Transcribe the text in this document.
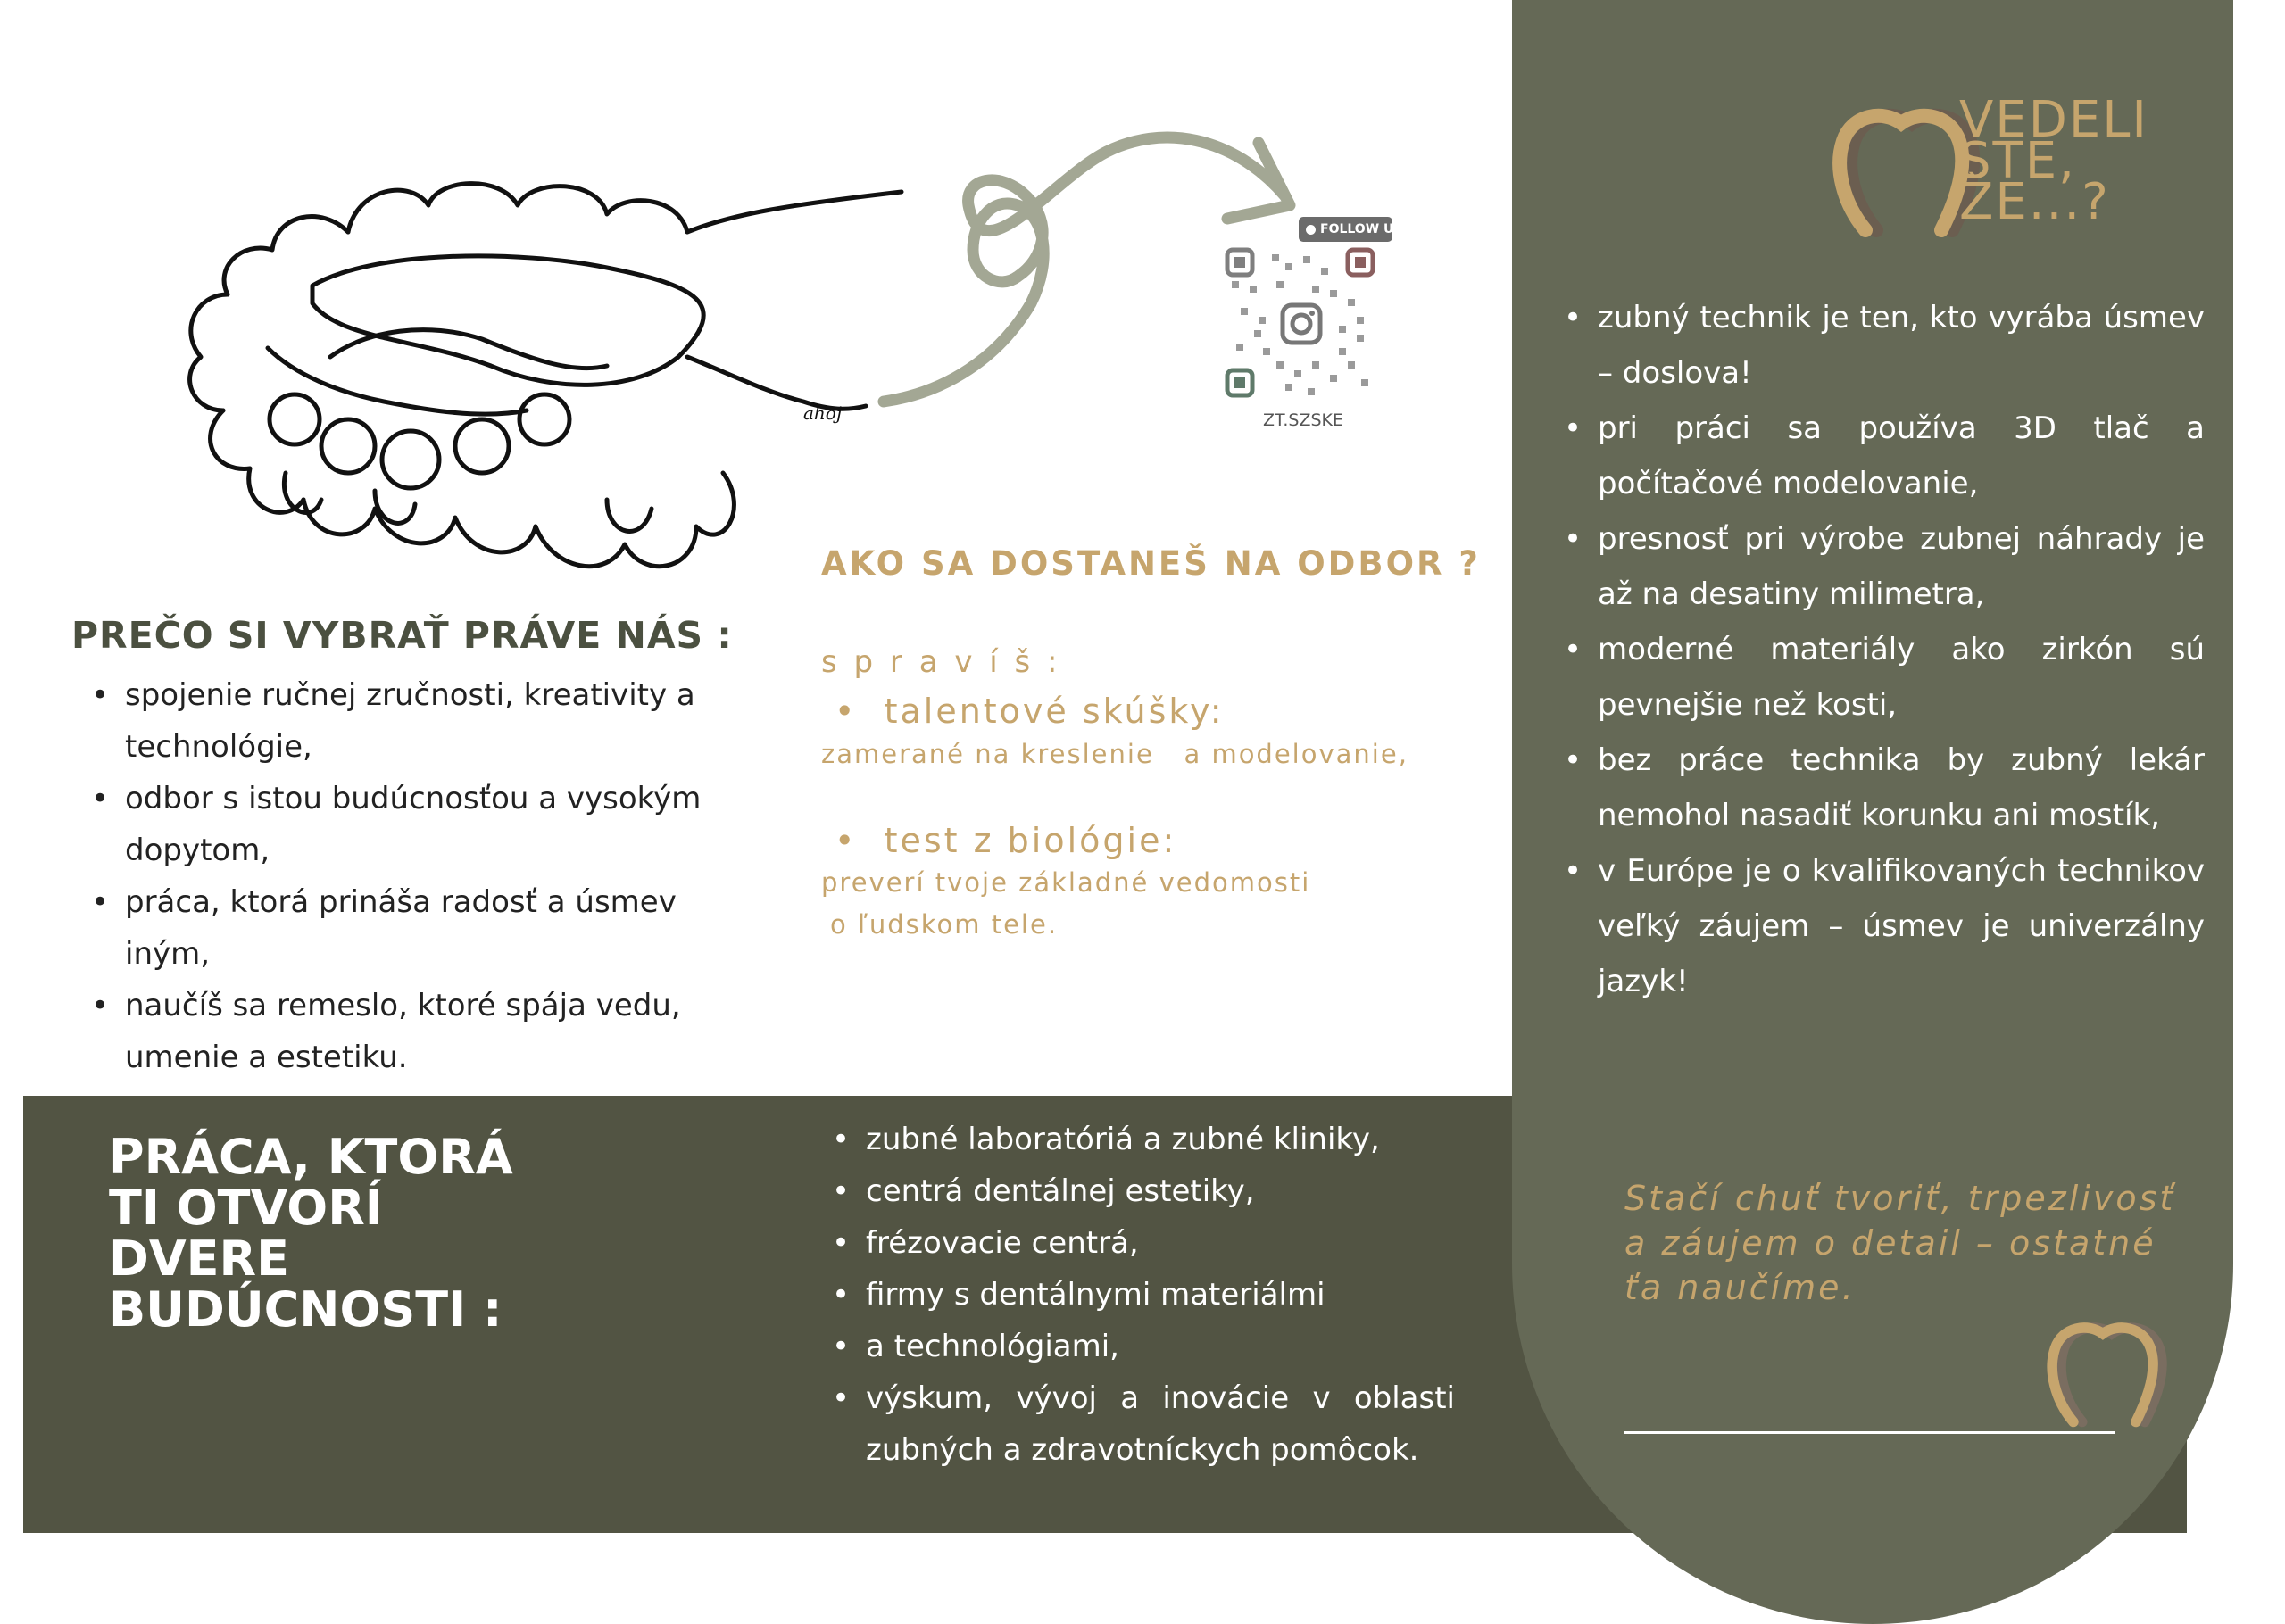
ahoj
FOLLOW US
ZT.SZSKE
PREČO SI VYBRAŤ PRÁVE NÁS :
• spojenie ručnej zručnosti, kreativity a technológie,
• odbor s istou budúcnosťou a vysokým dopytom,
• práca, ktorá prináša radosť a úsmev iným,
• naučíš sa remeslo, ktoré spája vedu, umenie a estetiku.
AKO SA DOSTANEŠ NA ODBOR ?
s p r a v í š :
•  talentové skúšky:
zamerané na kreslenie   a modelovanie,
•  test z biológie:
preverí tvoje základné vedomosti
o ľudskom tele.
VEDELI
STE,
ŽE...?
• zubný technik je ten, kto vyrába úsmev – doslova!
• pri práci sa používa 3D tlač a počítačové modelovanie,
• presnosť pri výrobe zubnej náhrady je až na desatiny milimetra,
• moderné materiály ako zirkón sú pevnejšie než kosti,
• bez práce technika by zubný lekár nemohol nasadiť korunku ani mostík,
• v Európe je o kvalifikovaných technikov veľký záujem – úsmev je univerzálny jazyk!
Stačí chuť tvoriť, trpezlivosť
a záujem o detail – ostatné
ťa naučíme.
PRÁCA, KTORÁ
TI OTVORÍ
DVERE
BUDÚCNOSTI :
• zubné laboratóriá a zubné kliniky,
• centrá dentálnej estetiky,
• frézovacie centrá,
• firmy s dentálnymi materiálmi
• a technológiami,
• výskum, vývoj a inovácie v oblasti zubných a zdravotníckych pomôcok.
